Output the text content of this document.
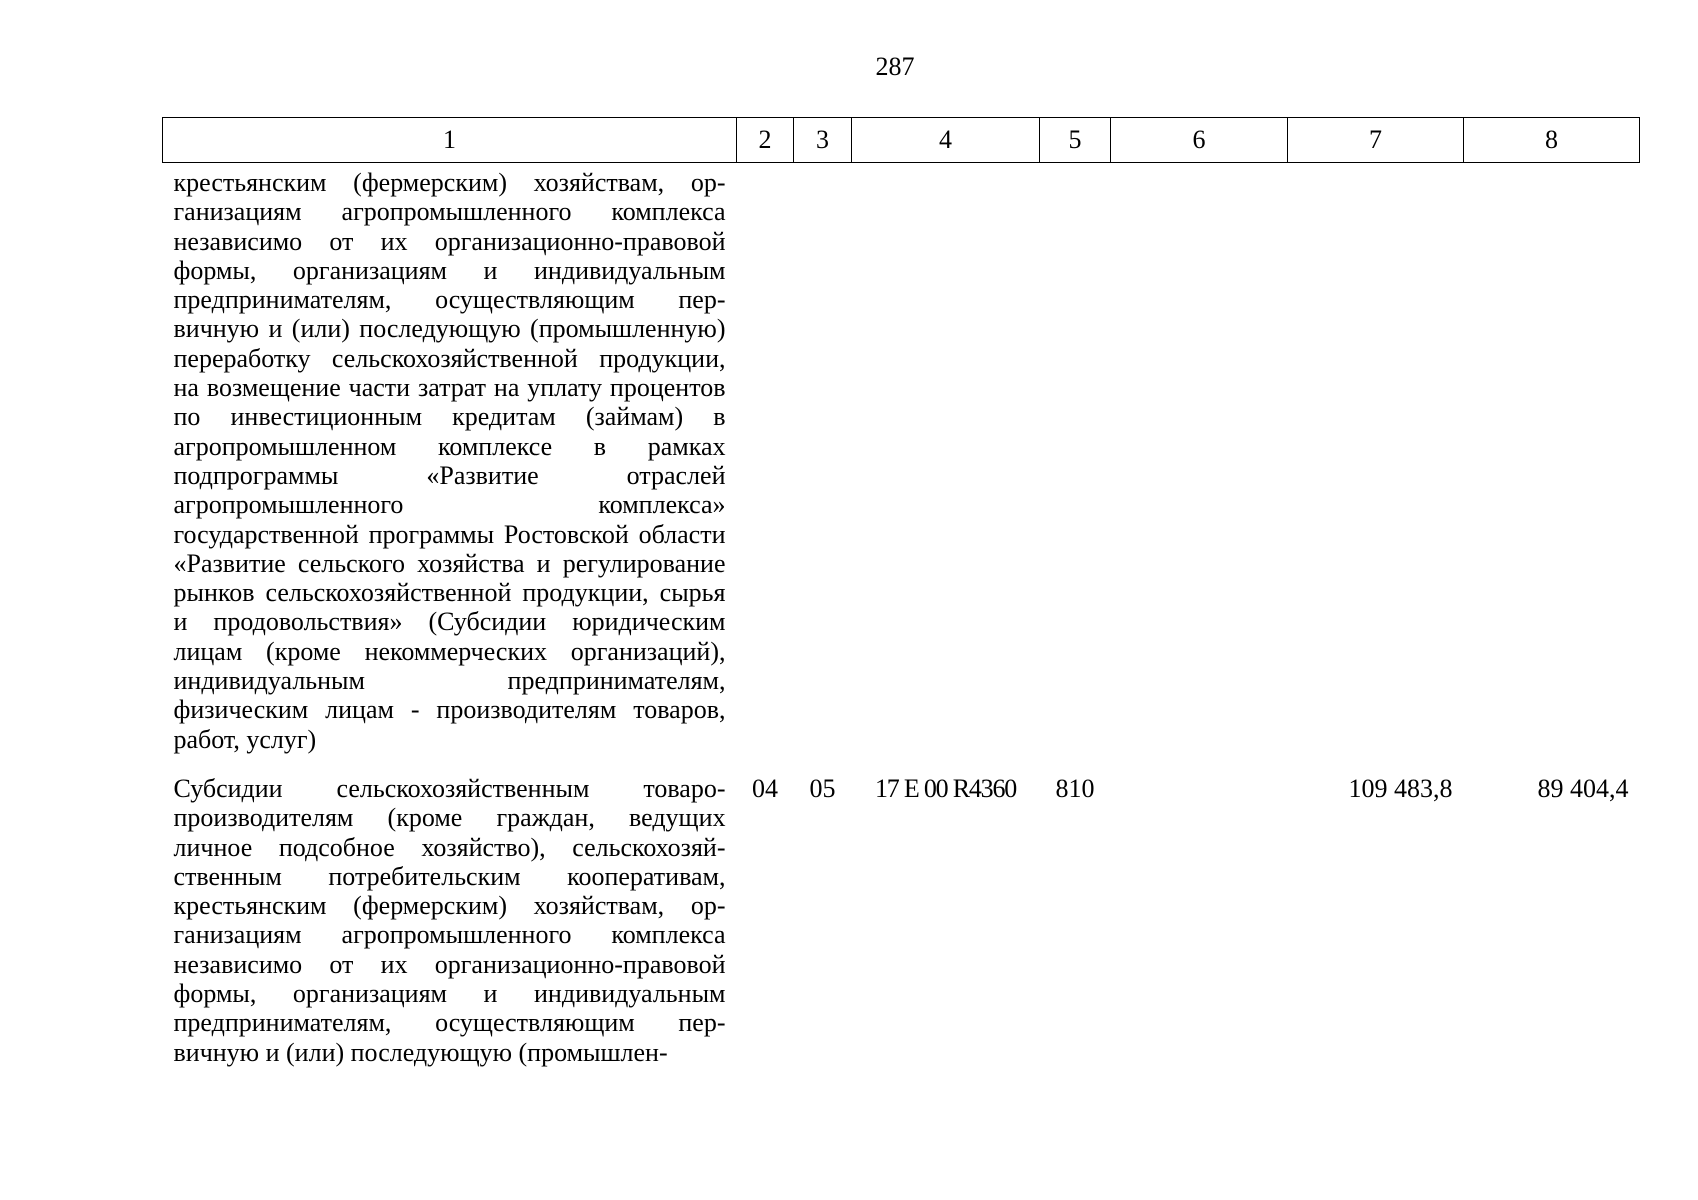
287
1	2	3	4	5	6	7	8
крестьянским (фермерским) хозяйствам, организациям агропромышленного комплекса независимо от их организационно-правовой формы, организациям и индивидуальным предпринимателям, осуществляющим первичную и (или) последующую (промышленную) переработку сельскохозяйственной продукции, на возмещение части затрат на уплату процентов по инвестиционным кредитам (займам) в агропромышленном комплексе в рамках подпрограммы «Развитие отраслей агропромышленного комплекса» государственной программы Ростовской области «Развитие сельского хозяйства и регулирование рынков сельскохозяйственной продукции, сырья и продовольствия» (Субсидии юридическим лицам (кроме некоммерческих организаций), индивидуальным предпринимателям, физическим лицам - производителям товаров, работ, услуг)							
Субсидии сельскохозяйственным товаропроизводителям (кроме граждан, ведущих личное подсобное хозяйство), сельскохозяйственным потребительским кооперативам, крестьянским (фермерским) хозяйствам, организациям агропромышленного комплекса независимо от их организационно-правовой формы, организациям и индивидуальным предпринимателям, осуществляющим первичную и (или) последующую (промышлен-	04	05	17 Е 00 R4360	810		109 483,8	89 404,4
